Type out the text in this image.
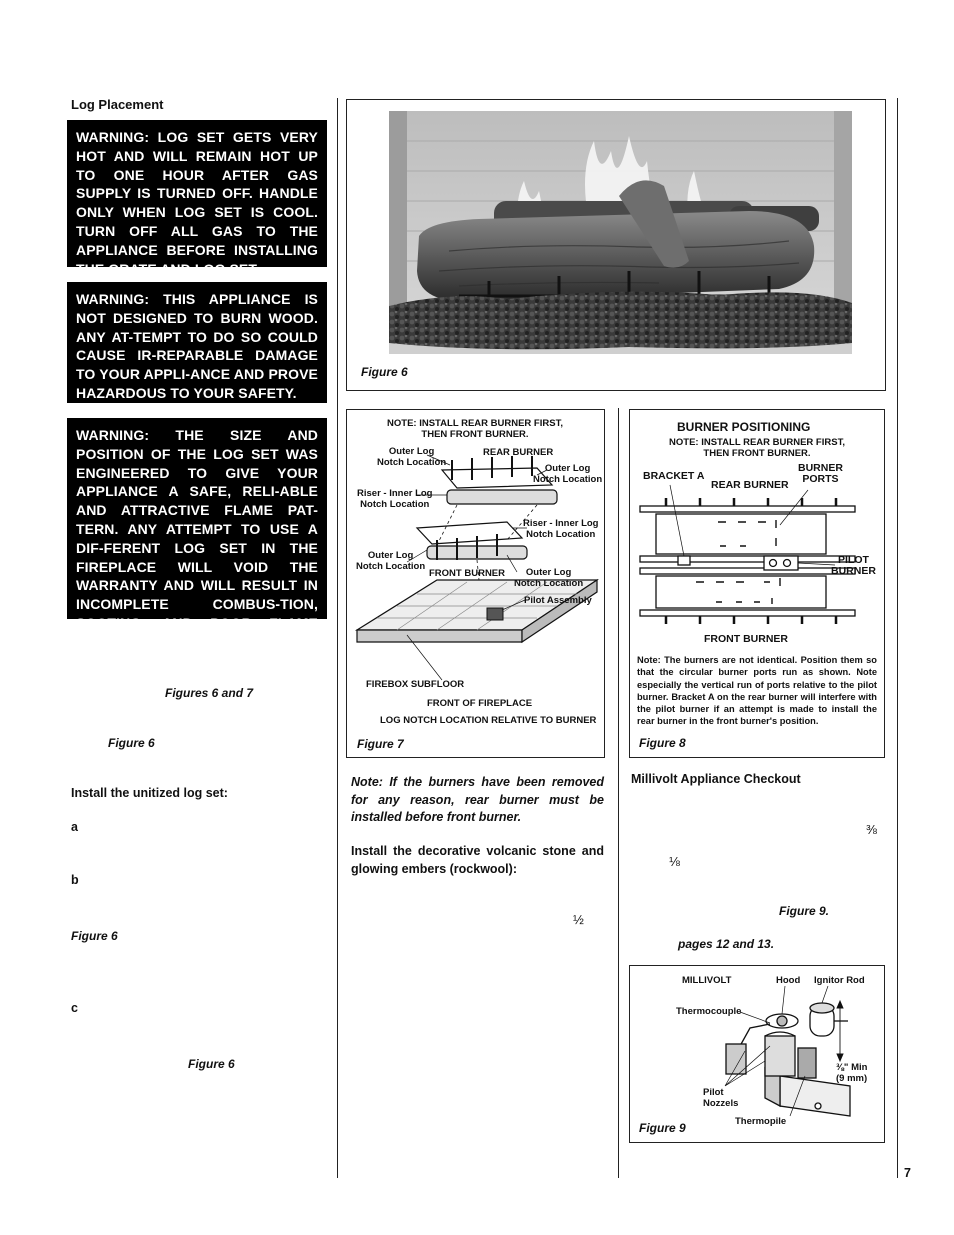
Log Placement
WARNING: LOG SET GETS VERY HOT AND WILL REMAIN HOT UP TO ONE HOUR AFTER GAS SUPPLY IS TURNED OFF. HANDLE ONLY WHEN LOG SET IS COOL. TURN OFF ALL GAS TO THE APPLIANCE BEFORE INSTALLING THE GRATE AND LOG SET.
WARNING: THIS APPLIANCE IS NOT DESIGNED TO BURN WOOD. ANY AT-TEMPT TO DO SO COULD CAUSE IR-REPARABLE DAMAGE TO YOUR APPLI-ANCE AND PROVE HAZARDOUS TO YOUR SAFETY.
WARNING: THE SIZE AND POSITION OF THE LOG SET WAS ENGINEERED TO GIVE YOUR APPLIANCE A SAFE, RELI-ABLE AND ATTRACTIVE FLAME PAT-TERN. ANY ATTEMPT TO USE A DIF-FERENT LOG SET IN THE FIREPLACE WILL VOID THE WARRANTY AND WILL RESULT IN INCOMPLETE COMBUS-TION, SOOTING, AND POOR FLAME QUALITY.
Figures 6 and 7
Figure 6
Install the unitized log set:
a
b
Figure 6
c
Figure 6
Figure 6
NOTE: INSTALL REAR BURNER FIRST,
THEN FRONT BURNER.
Outer Log
Notch Location
REAR BURNER
Outer Log
Notch Location
Riser - Inner Log
Notch Location
Riser - Inner Log
Notch Location
Outer Log
Notch Location
FRONT BURNER	Outer Log
Notch Location
Pilot Assembly
FIREBOX SUBFLOOR
FRONT OF FIREPLACE
LOG NOTCH LOCATION RELATIVE TO BURNER
Figure 7
Note: If the burners have been removed for any reason, rear burner must be installed before front burner.
Install the decorative volcanic stone and glowing embers (rockwool):
½
BURNER POSITIONING
NOTE: INSTALL REAR BURNER FIRST,
THEN FRONT BURNER.
BRACKET A
REAR BURNER
BURNER
PORTS
PILOT
BURNER
FRONT BURNER
Note: The burners are not identical. Position them so that the circular burner ports run as shown. Note especially the vertical run of ports relative to the pilot burner. Bracket A on the rear burner will interfere with the pilot burner if an attempt is made to install the rear burner in the front burner's position.
Figure 8
Millivolt Appliance Checkout
⅜
⅛
Figure 9.
pages 12 and 13.
MILLIVOLT	Hood Ignitor Rod
Thermocouple
⅜" Min
(9 mm)
Pilot
Nozzels
Thermopile
Figure 9
7
